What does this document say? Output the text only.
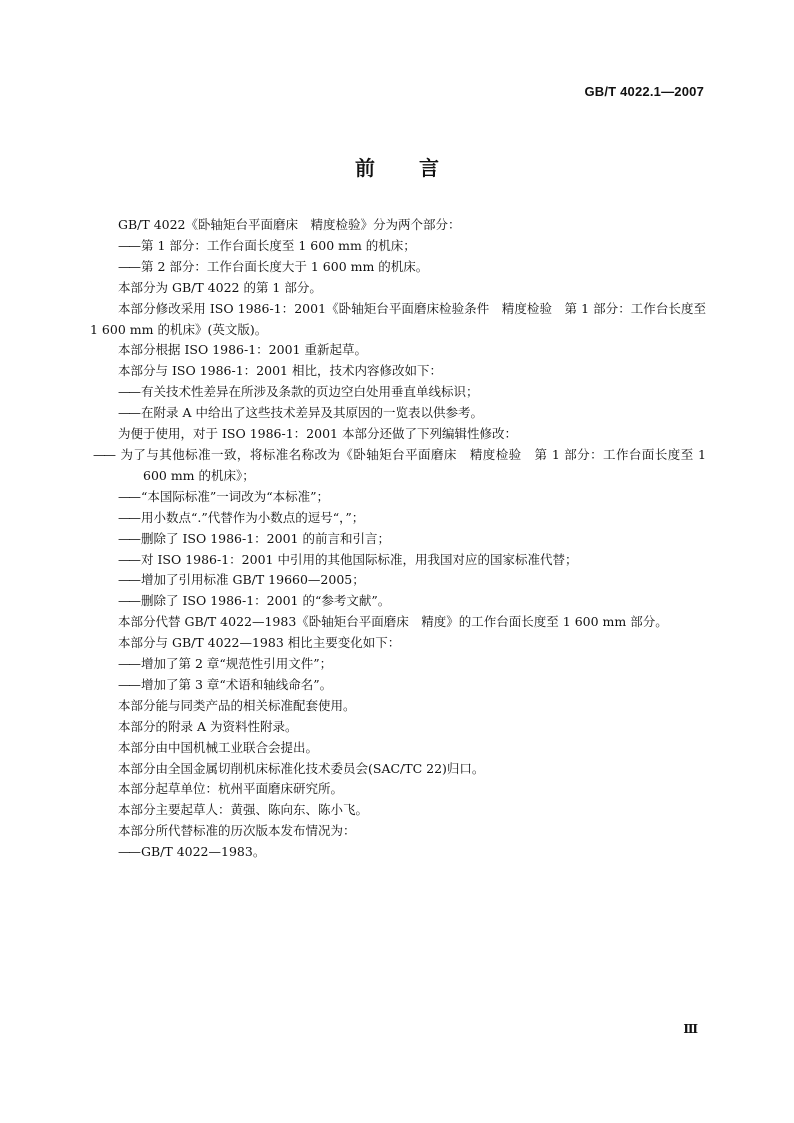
GB/T 4022.1—2007
前言

GB/T 4022《卧轴矩台平面磨床　精度检验》分为两个部分：

—— 第 1 部分：工作台面长度至 1 600 mm 的机床；

—— 第 2 部分：工作台面长度大于 1 600 mm 的机床。

本部分为 GB/T 4022 的第 1 部分。

本部分修改采用 ISO 1986-1：2001《卧轴矩台平面磨床检验条件　精度检验　第 1 部分：工作台长度至 1 600 mm 的机床》(英文版)。

本部分根据 ISO 1986-1：2001 重新起草。

本部分与 ISO 1986-1：2001 相比，技术内容修改如下：

—— 有关技术性差异在所涉及条款的页边空白处用垂直单线标识；

—— 在附录 A 中给出了这些技术差异及其原因的一览表以供参考。

为便于使用，对于 ISO 1986-1：2001 本部分还做了下列编辑性修改：

—— 为了与其他标准一致，将标准名称改为《卧轴矩台平面磨床　精度检验　第 1 部分：工作台面长度至 1 600 mm 的机床》；

—— “本国际标准”一词改为“本标准”；

—— 用小数点“.”代替作为小数点的逗号“，”；

—— 删除了 ISO 1986-1：2001 的前言和引言；

—— 对 ISO 1986-1：2001 中引用的其他国际标准，用我国对应的国家标准代替；

—— 增加了引用标准 GB/T 19660—2005；

—— 删除了 ISO 1986-1：2001 的“参考文献”。

本部分代替 GB/T 4022—1983《卧轴矩台平面磨床　精度》的工作台面长度至 1 600 mm 部分。

本部分与 GB/T 4022—1983 相比主要变化如下：

—— 增加了第 2 章“规范性引用文件”；

—— 增加了第 3 章“术语和轴线命名”。

本部分能与同类产品的相关标准配套使用。

本部分的附录 A 为资料性附录。

本部分由中国机械工业联合会提出。

本部分由全国金属切削机床标准化技术委员会(SAC/TC 22)归口。

本部分起草单位：杭州平面磨床研究所。

本部分主要起草人：黄强、陈向东、陈小飞。

本部分所代替标准的历次版本发布情况为：

—— GB/T 4022—1983。

Ⅲ
